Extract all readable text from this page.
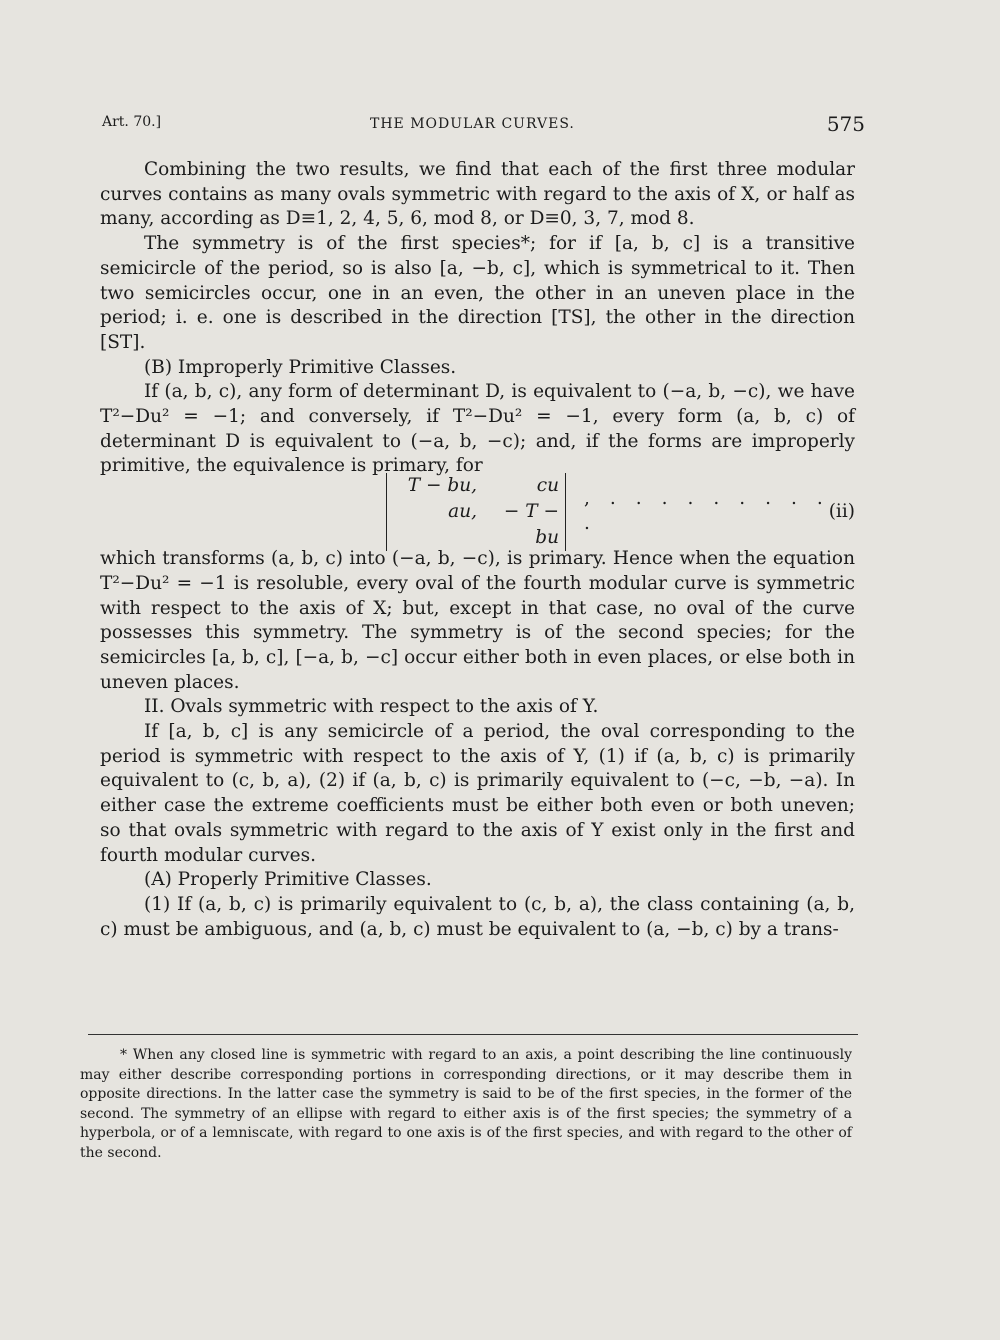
Art. 70.]	THE MODULAR CURVES.	575

Combining the two results, we find that each of the first three modular curves contains as many ovals symmetric with regard to the axis of X, or half as many, according as D≡1, 2, 4, 5, 6, mod 8, or D≡0, 3, 7, mod 8.

The symmetry is of the first species*; for if [a, b, c] is a transitive semicircle of the period, so is also [a, −b, c], which is symmetrical to it. Then two semicircles occur, one in an even, the other in an uneven place in the period; i. e. one is described in the direction [TS], the other in the direction [ST].

(B) Improperly Primitive Classes.

If (a, b, c), any form of determinant D, is equivalent to (−a, b, −c), we have T²−Du² = −1; and conversely, if T²−Du² = −1, every form (a, b, c) of determinant D is equivalent to (−a, b, −c); and, if the forms are improperly primitive, the equivalence is primary, for

T − bu,	cu
au,	− T − bu
, . . . . . . . . . .
(ii)

which transforms (a, b, c) into (−a, b, −c), is primary. Hence when the equation T²−Du² = −1 is resoluble, every oval of the fourth modular curve is symmetric with respect to the axis of X; but, except in that case, no oval of the curve possesses this symmetry. The symmetry is of the second species; for the semicircles [a, b, c], [−a, b, −c] occur either both in even places, or else both in uneven places.

II. Ovals symmetric with respect to the axis of Y.

If [a, b, c] is any semicircle of a period, the oval corresponding to the period is symmetric with respect to the axis of Y, (1) if (a, b, c) is primarily equivalent to (c, b, a), (2) if (a, b, c) is primarily equivalent to (−c, −b, −a). In either case the extreme coefficients must be either both even or both uneven; so that ovals symmetric with regard to the axis of Y exist only in the first and fourth modular curves.

(A) Properly Primitive Classes.

(1) If (a, b, c) is primarily equivalent to (c, b, a), the class containing (a, b, c) must be ambiguous, and (a, b, c) must be equivalent to (a, −b, c) by a trans-

* When any closed line is symmetric with regard to an axis, a point describing the line continuously may either describe corresponding portions in corresponding directions, or it may describe them in opposite directions. In the latter case the symmetry is said to be of the first species, in the former of the second. The symmetry of an ellipse with regard to either axis is of the first species; the symmetry of a hyperbola, or of a lemniscate, with regard to one axis is of the first species, and with regard to the other of the second.
